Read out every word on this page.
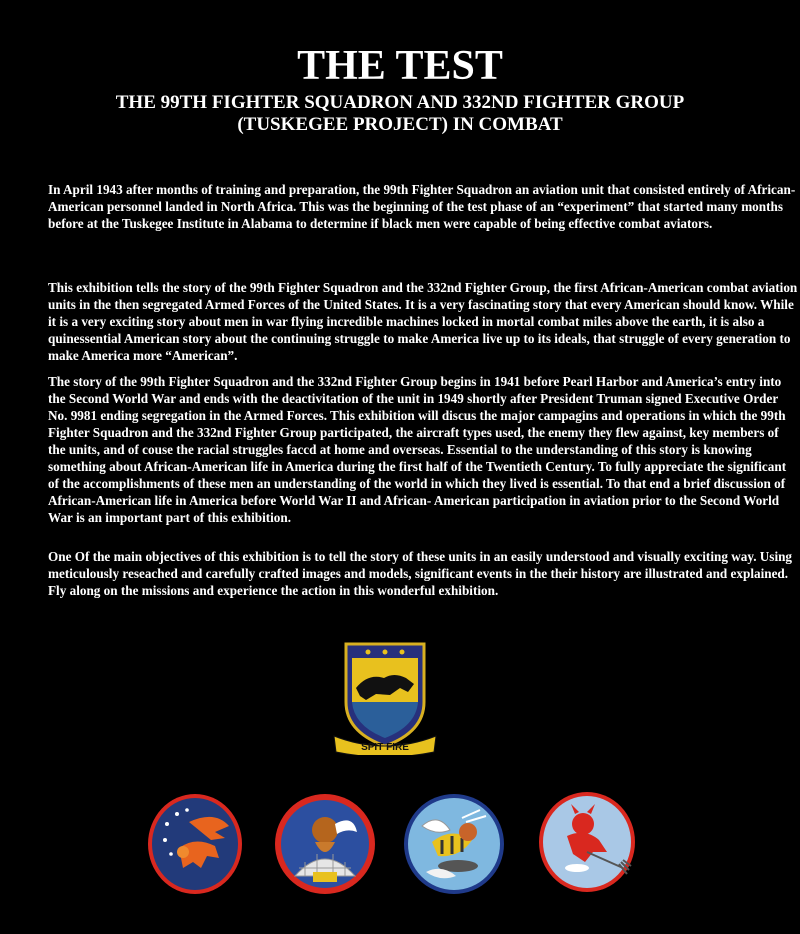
THE TEST
THE 99TH FIGHTER SQUADRON AND 332ND FIGHTER GROUP
(TUSKEGEE PROJECT) IN COMBAT

In April 1943 after months of training and preparation, the 99th Fighter Squadron an aviation unit that consisted entirely of African-American personnel landed in North Africa. This was the beginning of the test phase of an “experiment” that started many months before at the Tuskegee Institute in Alabama to determine if black men were capable of being effective combat aviators.

This exhibition tells the story of the 99th Fighter Squadron and the 332nd Fighter Group, the first African-American combat aviation units in the then segregated Armed Forces of the United States. It is a very fascinating story that every American should know. While it is a very exciting story about men in war flying incredible machines locked in mortal combat miles above the earth, it is also a quinessential American story about the continuing struggle to make America live up to its ideals, that struggle of every generation to make America more “American”.

The story of the 99th Fighter Squadron and the 332nd Fighter Group begins in 1941 before Pearl Harbor and America’s entry into the Second World War and ends with the deactivitation of the unit in 1949 shortly after President Truman signed Executive Order No. 9981 ending segregation in the Armed Forces. This exhibition will discus the major campagins and operations in which the 99th Fighter Squadron and the 332nd Fighter Group participated, the aircraft types used, the enemy they flew against, key members of the units, and of couse the racial struggles faccd at home and overseas. Essential to the understanding of this story is knowing something about African-American life in America during the first half of the Twentieth Century. To fully appreciate the significant of the accomplishments of these men an understanding of the world in which they lived is essential. To that end a brief discussion of African-American life in America before World War II and African- American participation in aviation prior to the Second World War is an important part of this exhibition.

One Of the main objectives of this exhibition is to tell the story of these units in an easily understood and visually exciting way. Using meticulously reseached and carefully crafted images and models, significant events in the their history are illustrated and explained. Fly along on the missions and experience the action in this wonderful exhibition.

SPIT FIRE
